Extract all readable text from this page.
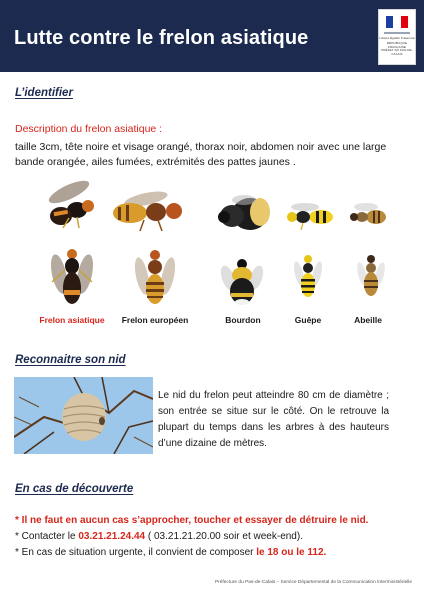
Lutte contre le frelon asiatique	Liberté Égalité Fraternité
RÉPUBLIQUE FRANÇAISE
PRÉFET DU PAS-DE-CALAIS
L’identifier
Description du frelon asiatique :
taille 3cm, tête noire et visage orangé, thorax noir, abdomen noir avec une large bande orangée, ailes fumées, extrémités des pattes jaunes .
Frelon asiatique	Frelon européen	Bourdon	Guêpe	Abeille
Reconnaitre son nid
Le nid du frelon peut atteindre 80 cm de diamètre ; son entrée se situe sur le côté. On le retrouve la plupart du temps dans les arbres à des hauteurs d’une dizaine de mètres.
En cas de découverte
* Il ne faut en aucun cas s’approcher, toucher et essayer de détruire le nid.
* Contacter le 03.21.21.24.44 ( 03.21.21.20.00 soir et week-end).
* En cas de situation urgente, il convient de composer le 18 ou le 112.
Préfecture du Pas-de-Calais – Service Départemental de la Communication Interministérielle
